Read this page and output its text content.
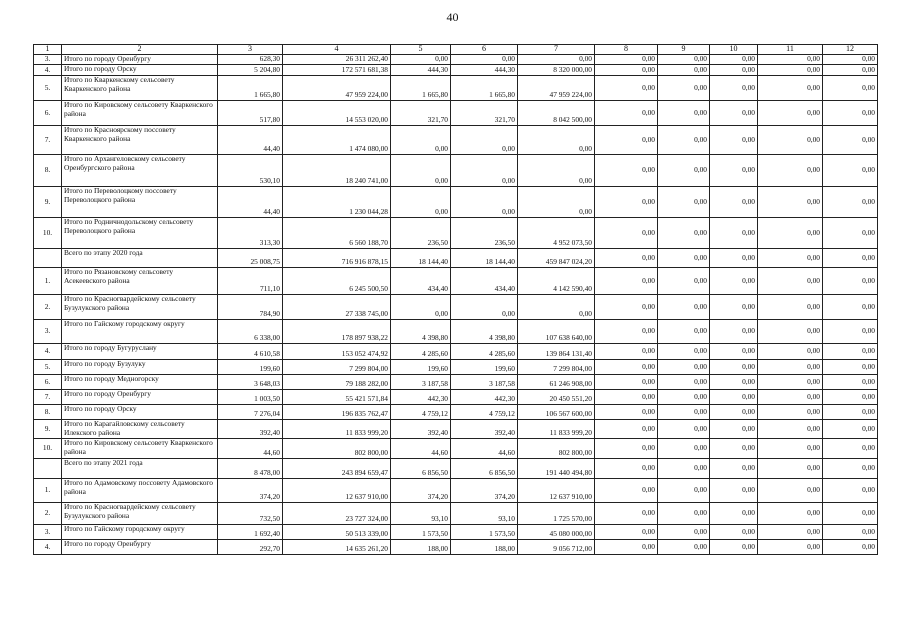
40
1	2	3	4	5	6	7	8	9	10	11	12
3.	Итого по городу Оренбургу	628,30	26 311 262,40	0,00	0,00	0,00	0,00	0,00	0,00	0,00	0,00
4.	Итого по городу Орску	5 204,80	172 571 681,38	444,30	444,30	8 320 000,00	0,00	0,00	0,00	0,00	0,00
5.	Итого по Кваркенскому сельсовету Кваркенского района	1 665,80	47 959 224,00	1 665,80	1 665,80	47 959 224,00	0,00	0,00	0,00	0,00	0,00
6.	Итого по Кировскому сельсовету Кваркенского района	517,80	14 553 020,00	321,70	321,70	8 042 500,00	0,00	0,00	0,00	0,00	0,00
7.	Итого по Красноярскому поссовету Кваркенского района	44,40	1 474 080,00	0,00	0,00	0,00	0,00	0,00	0,00	0,00	0,00
8.	Итого по Архангеловскому сельсовету Оренбургского района	530,10	18 240 741,00	0,00	0,00	0,00	0,00	0,00	0,00	0,00	0,00
9.	Итого по Переволоцкому поссовету Переволоцкого района	44,40	1 230 044,28	0,00	0,00	0,00	0,00	0,00	0,00	0,00	0,00
10.	Итого по Родничнодольскому сельсовету Переволоцкого района	313,30	6 560 188,70	236,50	236,50	4 952 073,50	0,00	0,00	0,00	0,00	0,00
	Всего по этапу 2020 года	25 008,75	716 916 878,15	18 144,40	18 144,40	459 847 024,20	0,00	0,00	0,00	0,00	0,00
1.	Итого по Рязановскому сельсовету Асекеевского района	711,10	6 245 500,50	434,40	434,40	4 142 590,40	0,00	0,00	0,00	0,00	0,00
2.	Итого по Красногвардейскому сельсовету Бузулукского района	784,90	27 338 745,00	0,00	0,00	0,00	0,00	0,00	0,00	0,00	0,00
3.	Итого по Гайскому городскому округу	6 338,00	178 897 938,22	4 398,80	4 398,80	107 638 640,00	0,00	0,00	0,00	0,00	0,00
4.	Итого по городу Бугуруслану	4 610,58	153 052 474,92	4 285,60	4 285,60	139 864 131,40	0,00	0,00	0,00	0,00	0,00
5.	Итого по городу Бузулуку	199,60	7 299 804,00	199,60	199,60	7 299 804,00	0,00	0,00	0,00	0,00	0,00
6.	Итого по городу Медногорску	3 648,03	79 188 282,00	3 187,58	3 187,58	61 246 908,00	0,00	0,00	0,00	0,00	0,00
7.	Итого по городу Оренбургу	1 003,50	55 421 571,84	442,30	442,30	20 450 551,20	0,00	0,00	0,00	0,00	0,00
8.	Итого по городу Орску	7 276,04	196 835 762,47	4 759,12	4 759,12	106 567 600,00	0,00	0,00	0,00	0,00	0,00
9.	Итого по Карагайловскому сельсовету Илекского района	392,40	11 833 999,20	392,40	392,40	11 833 999,20	0,00	0,00	0,00	0,00	0,00
10.	Итого по Кировскому сельсовету Кваркенского района	44,60	802 800,00	44,60	44,60	802 800,00	0,00	0,00	0,00	0,00	0,00
	Всего по этапу 2021 года	8 478,00	243 894 659,47	6 856,50	6 856,50	191 440 494,80	0,00	0,00	0,00	0,00	0,00
1.	Итого по Адамовскому поссовету Адамовского района	374,20	12 637 910,00	374,20	374,20	12 637 910,00	0,00	0,00	0,00	0,00	0,00
2.	Итого по Красногвардейскому сельсовету Бузулукского района	732,50	23 727 324,00	93,10	93,10	1 725 570,00	0,00	0,00	0,00	0,00	0,00
3.	Итого по Гайскому городскому округу	1 692,40	50 513 339,00	1 573,50	1 573,50	45 080 000,00	0,00	0,00	0,00	0,00	0,00
4.	Итого по городу Оренбургу	292,70	14 635 261,20	188,00	188,00	9 056 712,00	0,00	0,00	0,00	0,00	0,00
